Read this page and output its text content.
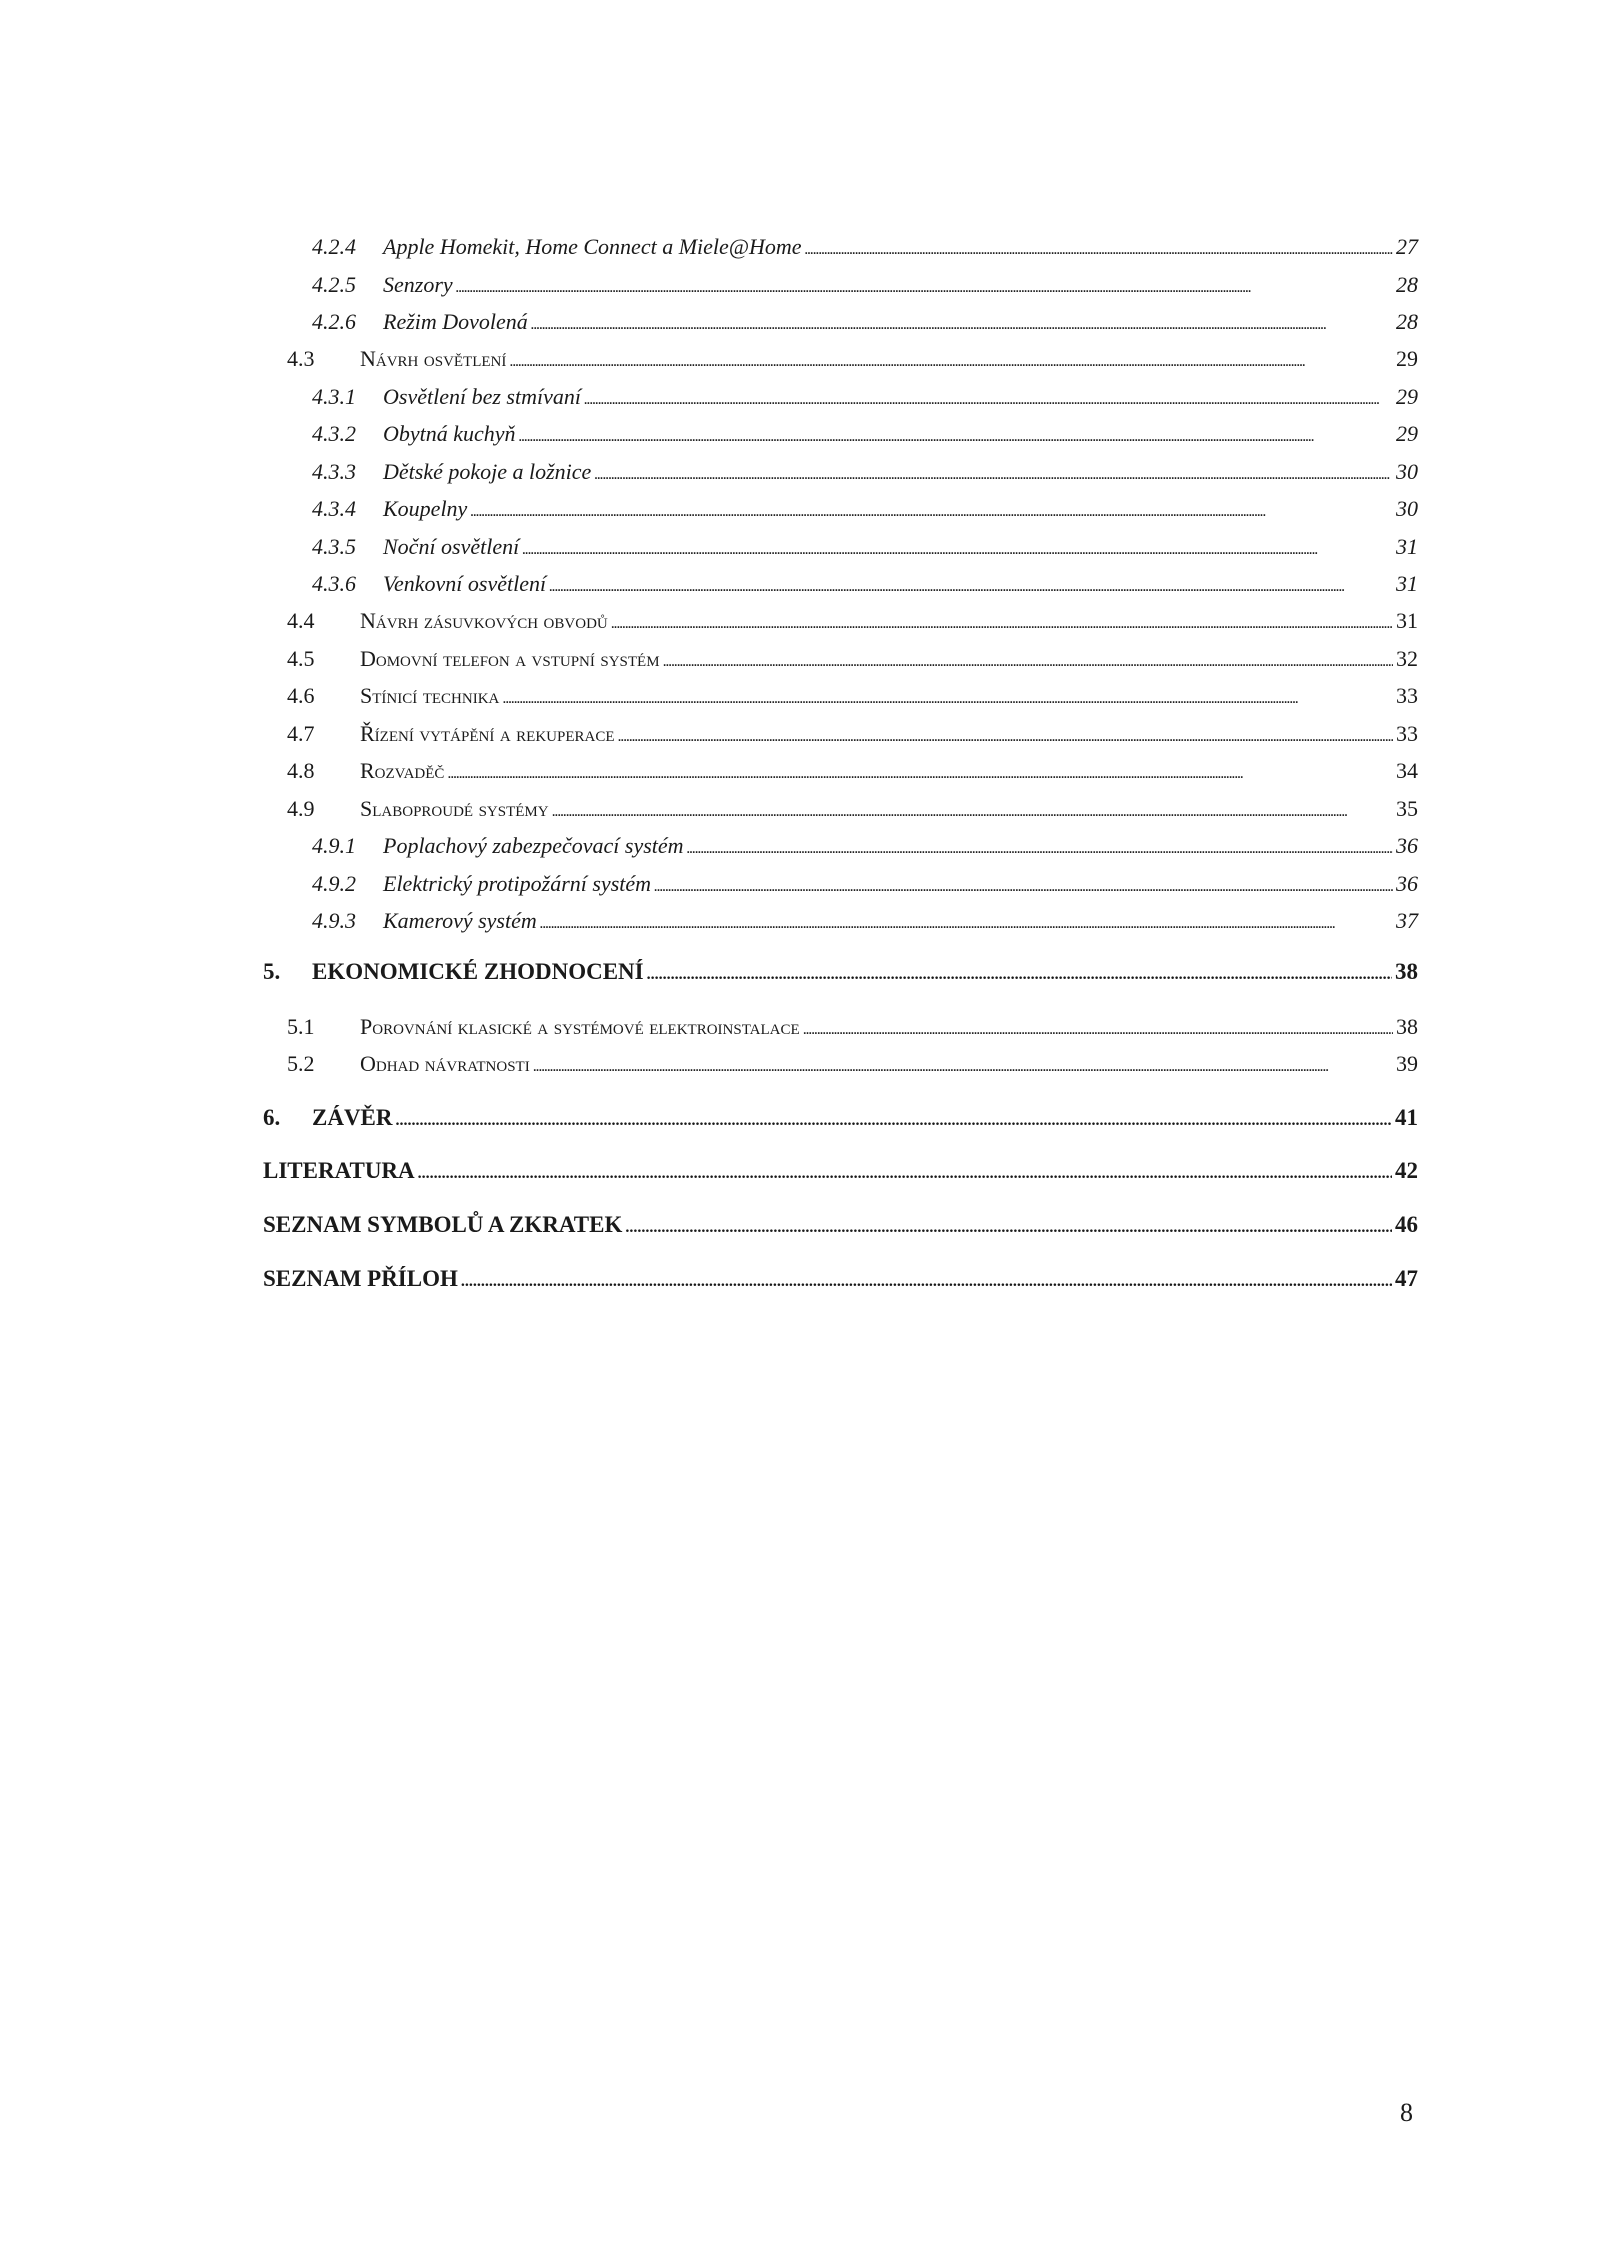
4.2.4	Apple Homekit, Home Connect a Miele@Home . . .	27
4.2.5	Senzory . . .	28
4.2.6	Režim Dovolená . . .	28
4.3	Návrh osvětlení . . .	29
4.3.1	Osvětlení bez stmívaní . . .	29
4.3.2	Obytná kuchyň . . .	29
4.3.3	Dětské pokoje a ložnice . . .	30
4.3.4	Koupelny . . .	30
4.3.5	Noční osvětlení . . .	31
4.3.6	Venkovní osvětlení . . .	31
4.4	Návrh zásuvkových obvodů . . .	31
4.5	Domovní telefon a vstupní systém . . .	32
4.6	Stínicí technika . . .	33
4.7	Řízení vytápění a rekuperace . . .	33
4.8	Rozvaděč . . .	34
4.9	Slaboproudé systémy . . .	35
4.9.1	Poplachový zabezpečovací systém . . .	36
4.9.2	Elektrický protipožární systém . . .	36
4.9.3	Kamerový systém . . .	37
5.	EKONOMICKÉ ZHODNOCENÍ . . .	38
5.1	Porovnání klasické a systémové elektroinstalace . . .	38
5.2	Odhad návratnosti . . .	39
6.	ZÁVĚR . . .	41
LITERATURA . . .	42
SEZNAM SYMBOLŮ A ZKRATEK . . .	46
SEZNAM PŘÍLOH . . .	47
8
